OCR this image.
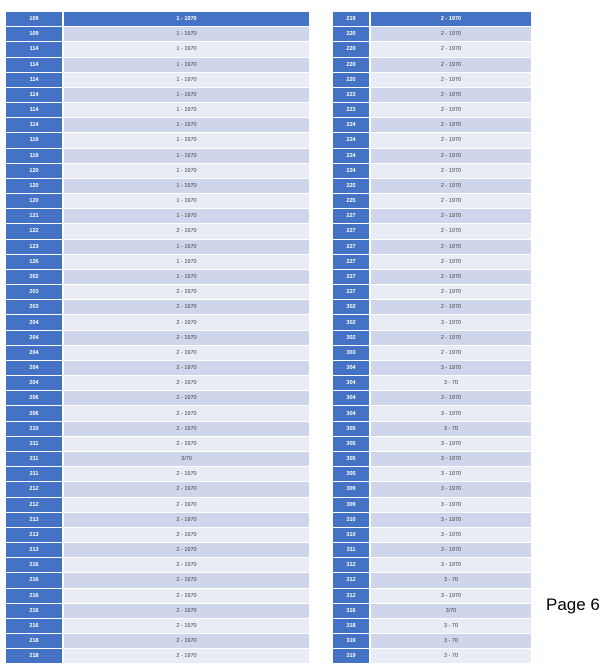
109	1 - 1970
109	1 - 1970
114	1 - 1970
114	1 - 1970
114	1 - 1970
114	1 - 1970
114	1 - 1970
114	1 - 1970
119	1 - 1970
119	1 - 1970
120	1 - 1970
120	1 - 1970
120	1 - 1970
121	1 - 1970
122	2 - 1970
123	1 - 1970
126	1 - 1970
202	1 - 1970
203	2 - 1970
203	2 - 1970
204	2 - 1970
204	2 - 1970
204	2 - 1970
204	2 - 1970
204	2 - 1970
206	2 - 1970
206	2 - 1970
210	2 - 1970
211	2 - 1970
211	3/70
211	2 - 1970
212	2 - 1970
212	2 - 1970
213	2 - 1970
213	2 - 1970
213	2 - 1970
216	2 - 1970
216	2 - 1970
216	2 - 1970
216	2 - 1970
216	2 - 1970
218	2 - 1970
218	2 - 1970
219	2 - 1970
220	2 - 1970
220	2 - 1970
220	2 - 1970
220	2 - 1970
223	2 - 1970
223	2 - 1970
224	2 - 1970
224	2 - 1970
224	2 - 1970
224	2 - 1970
225	2 - 1970
225	2 - 1970
227	2 - 1970
227	2 - 1970
227	2 - 1970
227	2 - 1970
227	2 - 1970
227	2 - 1970
302	2 - 1970
302	3 - 1970
302	2 - 1970
303	2 - 1970
304	3 - 1970
304	3 - 70
304	3 - 1970
304	3 - 1970
305	3 - 70
305	3 - 1970
305	3 - 1970
305	3 - 1970
309	3 - 1970
309	3 - 1970
310	3 - 1970
310	3 - 1970
311	3 - 1970
312	3 - 1970
312	3 - 70
312	3 - 1970
316	3/70
318	3 - 70
319	3 - 70
319	3 - 70
Page 6
